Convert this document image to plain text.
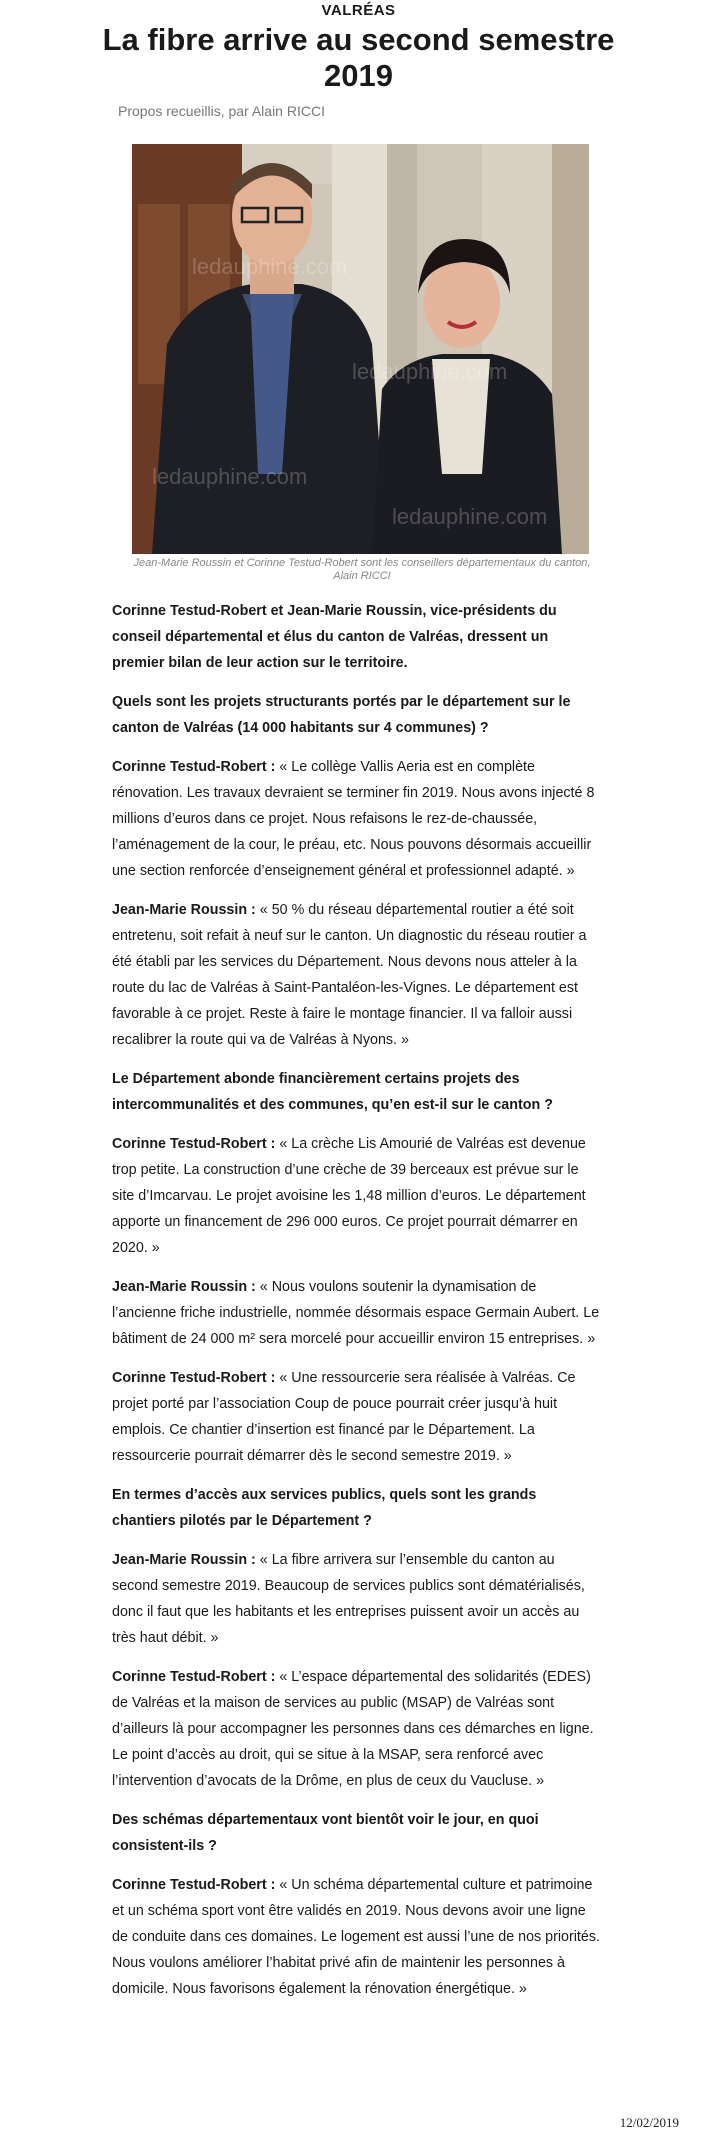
VALRÉAS
La fibre arrive au second semestre
2019
Propos recueillis, par Alain RICCI
ledauphine.com
ledauphine.com
ledauphine.com
ledauphine.com
Jean-Marie Roussin et Corinne Testud-Robert sont les conseillers départementaux du canton,
Alain RICCI

Corinne Testud-Robert et Jean-Marie Roussin, vice-présidents du conseil départemental et élus du canton de Valréas, dressent un premier bilan de leur action sur le territoire.

Quels sont les projets structurants portés par le département sur le canton de Valréas (14 000 habitants sur 4 communes) ?

Corinne Testud-Robert : « Le collège Vallis Aeria est en complète rénovation. Les travaux devraient se terminer fin 2019. Nous avons injecté 8 millions d’euros dans ce projet. Nous refaisons le rez-de-chaussée, l’aménagement de la cour, le préau, etc. Nous pouvons désormais accueillir une section renforcée d’enseignement général et professionnel adapté. »

Jean-Marie Roussin : « 50 % du réseau départemental routier a été soit entretenu, soit refait à neuf sur le canton. Un diagnostic du réseau routier a été établi par les services du Département. Nous devons nous atteler à la route du lac de Valréas à Saint-Pantaléon-les-Vignes. Le département est favorable à ce projet. Reste à faire le montage financier. Il va falloir aussi recalibrer la route qui va de Valréas à Nyons. »

Le Département abonde financièrement certains projets des intercommunalités et des communes, qu’en est-il sur le canton ?

Corinne Testud-Robert : « La crèche Lis Amourié de Valréas est devenue trop petite. La construction d’une crèche de 39 berceaux est prévue sur le site d’Imcarvau. Le projet avoisine les 1,48 million d’euros. Le département apporte un financement de 296 000 euros. Ce projet pourrait démarrer en 2020. »

Jean-Marie Roussin : « Nous voulons soutenir la dynamisation de l’ancienne friche industrielle, nommée désormais espace Germain Aubert. Le bâtiment de 24 000 m² sera morcelé pour accueillir environ 15 entreprises. »

Corinne Testud-Robert : « Une ressourcerie sera réalisée à Valréas. Ce projet porté par l’association Coup de pouce pourrait créer jusqu’à huit emplois. Ce chantier d’insertion est financé par le Département. La ressourcerie pourrait démarrer dès le second semestre 2019. »

En termes d’accès aux services publics, quels sont les grands chantiers pilotés par le Département ?

Jean-Marie Roussin : « La fibre arrivera sur l’ensemble du canton au second semestre 2019. Beaucoup de services publics sont dématérialisés, donc il faut que les habitants et les entreprises puissent avoir un accès au très haut débit. »

Corinne Testud-Robert : « L’espace départemental des solidarités (EDES) de Valréas et la maison de services au public (MSAP) de Valréas sont d’ailleurs là pour accompagner les personnes dans ces démarches en ligne. Le point d’accès au droit, qui se situe à la MSAP, sera renforcé avec l’intervention d’avocats de la Drôme, en plus de ceux du Vaucluse. »

Des schémas départementaux vont bientôt voir le jour, en quoi consistent-ils ?

Corinne Testud-Robert : « Un schéma départemental culture et patrimoine et un schéma sport vont être validés en 2019. Nous devons avoir une ligne de conduite dans ces domaines. Le logement est aussi l’une de nos priorités. Nous voulons améliorer l’habitat privé afin de maintenir les personnes à domicile. Nous favorisons également la rénovation énergétique. »

12/02/2019
